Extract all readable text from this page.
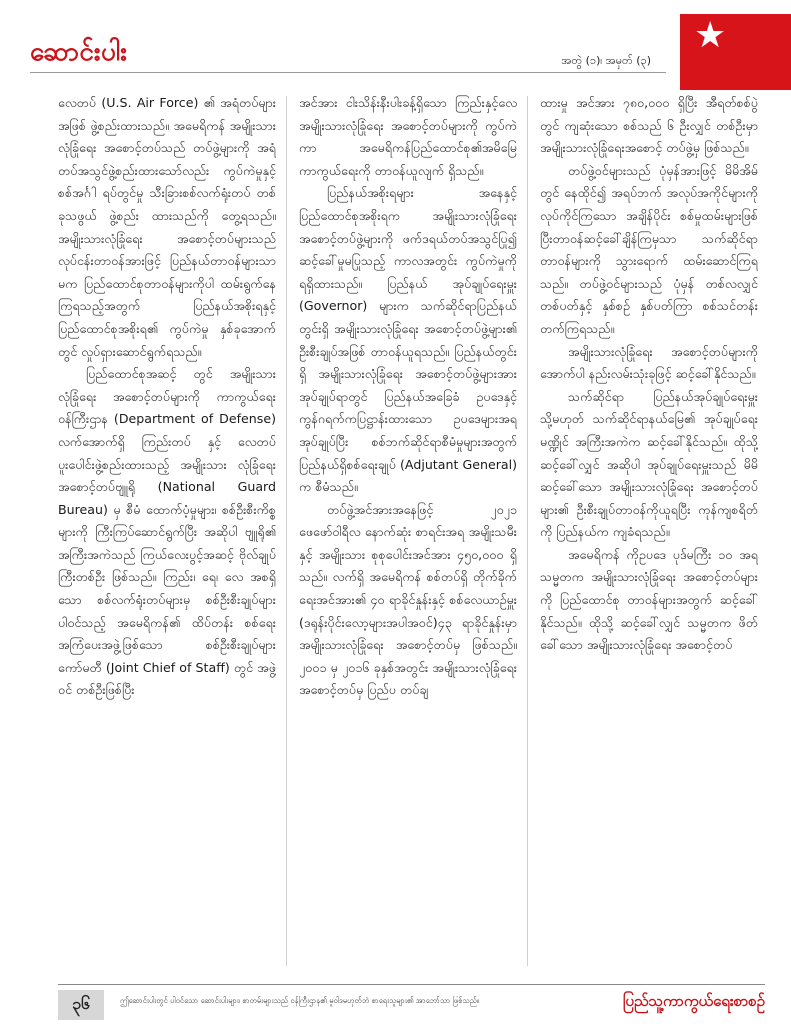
ဆောင်းပါး	အတွဲ (၁)၊ အမှတ် (၃)
★

လေတပ် (U.S. Air Force) ၏ အရံတပ်များအဖြစ် ဖွဲ့စည်းထားသည်။ အမေရိကန် အမျိုးသား လုံခြုံရေး အစောင့်တပ်သည် တပ်ဖွဲ့များကို အရံတပ်အသွင်ဖွဲ့စည်းထားသော်လည်း ကွပ်ကဲမှုနှင့် စစ်အင်္ဂါ ရပ်တွင်မှု သီးခြားစစ်လက်ရုံးတပ် တစ်ခုသဖွယ် ဖွဲ့စည်း ထားသည်ကို တွေ့ရသည်။ အမျိုးသားလုံခြုံရေး အစောင့်တပ်များသည် လုပ်ငန်းတာဝန်အားဖြင့် ပြည်နယ်တာဝန်များသာမက ပြည်ထောင်စုတာဝန်များကိုပါ ထမ်းရွက်နေကြရသည့်အတွက် ပြည်နယ်အစိုးရနှင့် ပြည်ထောင်စုအစိုးရ၏ ကွပ်ကဲမှု နှစ်ခုအောက်တွင် လှုပ်ရှားဆောင်ရွက်ရသည်။

ပြည်ထောင်စုအဆင့် တွင် အမျိုးသားလုံခြုံရေး အစောင့်တပ်များကို ကာကွယ်ရေးဝန်ကြီးဌာန (Department of Defense) လက်အောက်ရှိ ကြည်းတပ် နှင့် လေတပ် ပူးပေါင်းဖွဲ့စည်းထားသည့် အမျိုးသား လုံခြုံရေး အစောင့်တပ်ဗျူရို (National Guard Bureau) မှ စီမံ ထောက်ပံ့မှုများ၊ စစ်ဦးစီးကိစ္စများကို ကြီးကြပ်ဆောင်ရွက်ပြီး အဆိုပါ ဗျူရို၏ အကြီးအကဲသည် ကြယ်လေးပွင့်အဆင့် ဗိုလ်ချုပ်ကြီးတစ်ဦး ဖြစ်သည်။ ကြည်း၊ ရေ၊ လေ အစရှိသော စစ်လက်ရုံးတပ်များမှ စစ်ဦးစီးချုပ်များ ပါဝင်သည့် အမေရိကန်၏ ထိပ်တန်း စစ်ရေးအကြံပေးအဖွဲ့ဖြစ်သော စစ်ဦးစီးချုပ်များကော်မတီ (Joint Chief of Staff) တွင် အဖွဲ့ဝင် တစ်ဦးဖြစ်ပြီး

အင်အား ငါးသိန်းနီးပါးခန့်ရှိသော ကြည်းနှင့်လေ အမျိုးသားလုံခြုံရေး အစောင့်တပ်များကို ကွပ်ကဲကာ အမေရိကန်ပြည်ထောင်စု၏အမိမြေ ကာကွယ်ရေးကို တာဝန်ယူလျက် ရှိသည်။

ပြည်နယ်အစိုးရများ အနေနှင့် ပြည်ထောင်စုအစိုးရက အမျိုးသားလုံခြုံရေးအစောင့်တပ်ဖွဲ့များကို ဖက်ဒရယ်တပ်အသွင်ပြု၍ ဆင့်ခေါ်မှုမပြုသည့် ကာလအတွင်း ကွပ်ကဲမှုကို ရရှိထားသည်။ ပြည်နယ် အုပ်ချုပ်ရေးမှူး (Governor) များက သက်ဆိုင်ရာပြည်နယ်တွင်းရှိ အမျိုးသားလုံခြုံရေး အစောင့်တပ်ဖွဲ့များ၏ ဦးစီးချုပ်အဖြစ် တာဝန်ယူရသည်။ ပြည်နယ်တွင်းရှိ အမျိုးသားလုံခြုံရေး အစောင့်တပ်ဖွဲ့များအား အုပ်ချုပ်ရာတွင် ပြည်နယ်အခြေခံ ဥပဒေနှင့်ကွန်ဂရက်ကပြဋ္ဌာန်းထားသော ဥပဒေများအရ အုပ်ချုပ်ပြီး စစ်ဘက်ဆိုင်ရာစီမံမှုများအတွက် ပြည်နယ်ရှိစစ်ရေးချုပ် (Adjutant General) က စီမံသည်။

တပ်ဖွဲ့အင်အားအနေဖြင့် ၂၀၂၁ ဖေဖော်ဝါရီလ နောက်ဆုံး စာရင်းအရ အမျိုးသမီးနှင့် အမျိုးသား စုစုပေါင်းအင်အား ၄၅၀,၀၀၀ ရှိသည်။ လက်ရှိ အမေရိကန် စစ်တပ်ရှိ တိုက်ခိုက်ရေးအင်အား၏ ၄၀ ရာခိုင်နှုန်းနှင့် စစ်လေယာဉ်မှူး (ဒရုန်းပိုင်းလော့များအပါအဝင်)၄၃ ရာခိုင်နှုန်းမှာ အမျိုးသားလုံခြုံရေး အစောင့်တပ်မှ ဖြစ်သည်။ ၂၀၀၁ မှ ၂၀၁၆ ခုနှစ်အတွင်း အမျိုးသားလုံခြုံရေးအစောင့်တပ်မှ ပြည်ပ တပ်ချ

ထားမှု အင်အား ၇၈၀,၀၀၀ ရှိပြီး အီရတ်စစ်ပွဲတွင် ကျဆုံးသော စစ်သည် ၆ ဦးလျှင် တစ်ဦးမှာ အမျိုးသားလုံခြုံရေးအစောင့် တပ်ဖွဲ့မှ ဖြစ်သည်။

တပ်ဖွဲ့ဝင်များသည် ပုံမှန်အားဖြင့် မိမိအိမ်တွင် နေထိုင်၍ အရပ်ဘက် အလုပ်အကိုင်များကို လုပ်ကိုင်ကြသော အချိန်ပိုင်း စစ်မှုထမ်းများဖြစ်ပြီးတာဝန်ဆင့်ခေါ်ချိန်ကြမှသာ သက်ဆိုင်ရာတာဝန်များကို သွားရောက် ထမ်းဆောင်ကြရသည်။ တပ်ဖွဲ့ဝင်များသည် ပုံမှန် တစ်လလျှင် တစ်ပတ်နှင့် နှစ်စဉ် နှစ်ပတ်ကြာ စစ်သင်တန်း တက်ကြရသည်။

အမျိုးသားလုံခြုံရေး အစောင့်တပ်များကို အောက်ပါ နည်းလမ်းသုံးခုဖြင့် ဆင့်ခေါ်နိုင်သည်။

သက်ဆိုင်ရာ ပြည်နယ်အုပ်ချုပ်ရေးမှူး သို့မဟုတ် သက်ဆိုင်ရာနယ်မြေ၏ အုပ်ချုပ်ရေးမဏ္ဍိုင် အကြီးအကဲက ဆင့်ခေါ်နိုင်သည်။ ထိုသို့ ဆင့်ခေါ်လျှင် အဆိုပါ အုပ်ချုပ်ရေးမှူးသည် မိမိဆင့်ခေါ်သော အမျိုးသားလုံခြုံရေး အစောင့်တပ်များ၏ ဦးစီးချုပ်တာဝန်ကိုယူရပြီး ကုန်ကျစရိတ်ကို ပြည်နယ်က ကျခံရသည်။

အမေရိကန် ကိုဥပဒေ ပုဒ်မကြီး ၁၀ အရ သမ္မတက အမျိုးသားလုံခြုံရေး အစောင့်တပ်များကို ပြည်ထောင်စု တာဝန်များအတွက် ဆင့်ခေါ်နိုင်သည်။ ထိုသို့ ဆင့်ခေါ်လျှင် သမ္မတက ဖိတ်ခေါ်သော အမျိုးသားလုံခြုံရေး အစောင့်တပ်

၃၆	ဤဆောင်းပါးတွင် ပါဝင်သော ဆောင်းပါးများ၊ စာတမ်းများသည် ဝန်ကြီးဌာန၏ မူဝါဒမဟုတ်ဘဲ စာရေးသူများ၏ အာဘော်သာ ဖြစ်သည်။	ပြည်သူ့ကာကွယ်ရေးစာစဉ်
